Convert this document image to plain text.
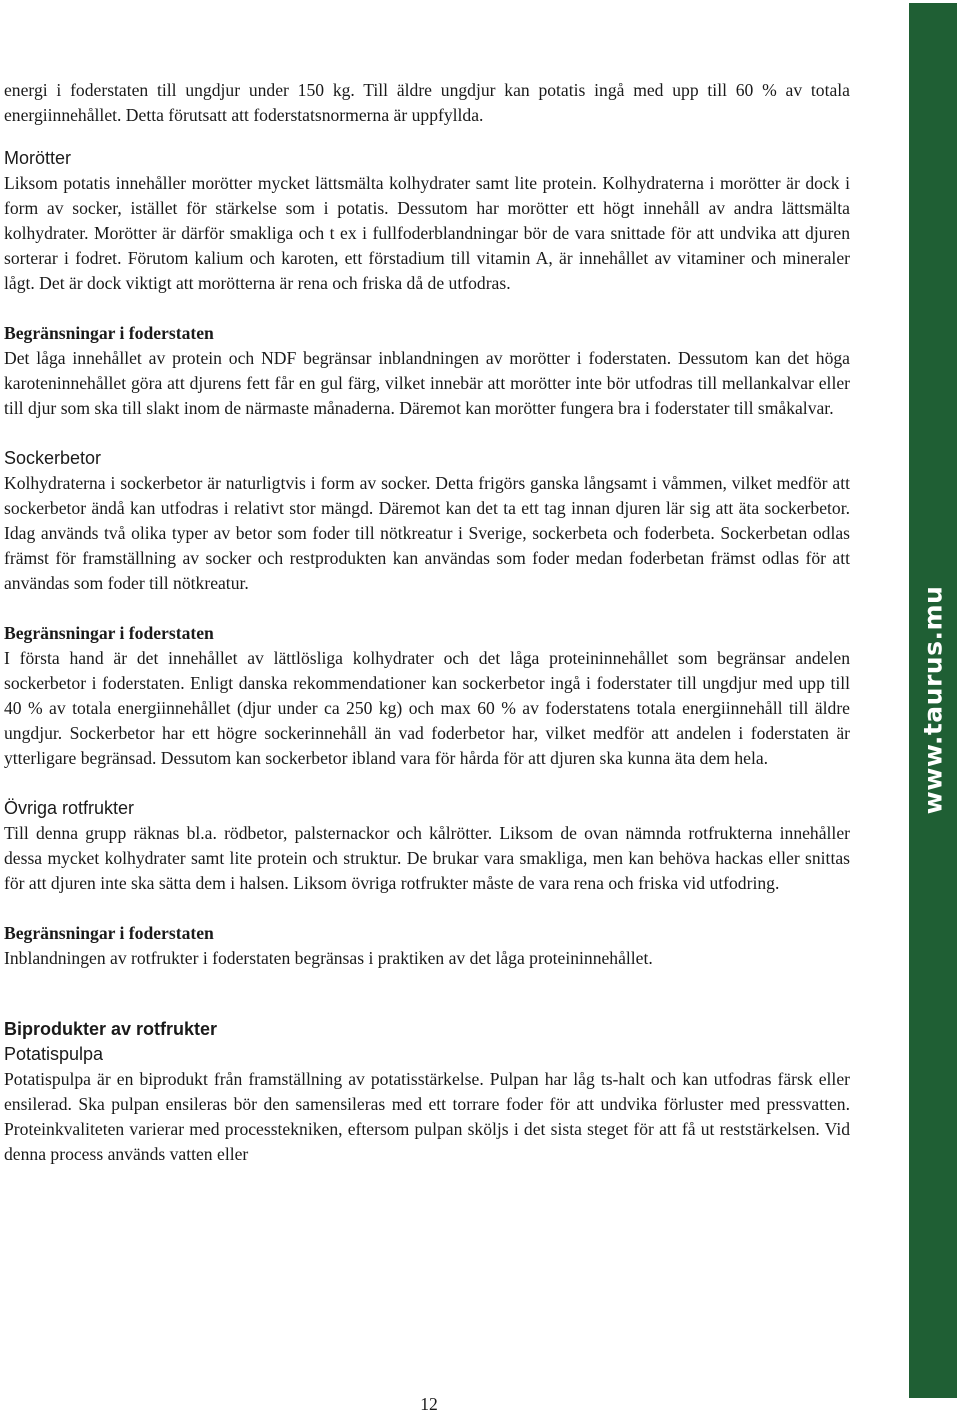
energi i foderstaten till ungdjur under 150 kg. Till äldre ungdjur kan potatis ingå med upp till 60 % av totala energiinnehållet. Detta förutsatt att foderstatsnormerna är uppfyllda.

Morötter

Liksom potatis innehåller morötter mycket lättsmälta kolhydrater samt lite protein. Kolhydraterna i morötter är dock i form av socker, istället för stärkelse som i potatis. Dessutom har morötter ett högt innehåll av andra lättsmälta kolhydrater. Morötter är därför smakliga och t ex i fullfoderblandningar bör de vara snittade för att undvika att djuren sorterar i fodret. Förutom kalium och karoten, ett förstadium till vitamin A, är innehållet av vitaminer och mineraler lågt. Det är dock viktigt att morötterna är rena och friska då de utfodras.

Begränsningar i foderstaten

Det låga innehållet av protein och NDF begränsar inblandningen av morötter i foderstaten. Dessutom kan det höga karoteninnehållet göra att djurens fett får en gul färg, vilket innebär att morötter inte bör utfodras till mellankalvar eller till djur som ska till slakt inom de närmaste månaderna. Däremot kan morötter fungera bra i foderstater till småkalvar.

Sockerbetor

Kolhydraterna i sockerbetor är naturligtvis i form av socker. Detta frigörs ganska långsamt i våmmen, vilket medför att sockerbetor ändå kan utfodras i relativt stor mängd. Däremot kan det ta ett tag innan djuren lär sig att äta sockerbetor. Idag används två olika typer av betor som foder till nötkreatur i Sverige, sockerbeta och foderbeta. Sockerbetan odlas främst för framställning av socker och restprodukten kan användas som foder medan foderbetan främst odlas för att användas som foder till nötkreatur.

Begränsningar i foderstaten

I första hand är det innehållet av lättlösliga kolhydrater och det låga proteininnehållet som begränsar andelen sockerbetor i foderstaten. Enligt danska rekommendationer kan sockerbetor ingå i foderstater till ungdjur med upp till 40 % av totala energiinnehållet (djur under ca 250 kg) och max 60 % av foderstatens totala energiinnehåll till äldre ungdjur. Sockerbetor har ett högre sockerinnehåll än vad foderbetor har, vilket medför att andelen i foderstaten är ytterligare begränsad. Dessutom kan sockerbetor ibland vara för hårda för att djuren ska kunna äta dem hela.

Övriga rotfrukter

Till denna grupp räknas bl.a. rödbetor, palsternackor och kålrötter. Liksom de ovan nämnda rotfrukterna innehåller dessa mycket kolhydrater samt lite protein och struktur. De brukar vara smakliga, men kan behöva hackas eller snittas för att djuren inte ska sätta dem i halsen. Liksom övriga rotfrukter måste de vara rena och friska vid utfodring.

Begränsningar i foderstaten

Inblandningen av rotfrukter i foderstaten begränsas i praktiken av det låga proteininnehållet.

Biprodukter av rotfrukter
Potatispulpa

Potatispulpa är en biprodukt från framställning av potatisstärkelse. Pulpan har låg ts-halt och kan utfodras färsk eller ensilerad. Ska pulpan ensileras bör den samensileras med ett torrare foder för att undvika förluster med pressvatten. Proteinkvaliteten varierar med processtekniken, eftersom pulpan sköljs i det sista steget för att få ut reststärkelsen. Vid denna process används vatten eller

www.taurus.mu
12
